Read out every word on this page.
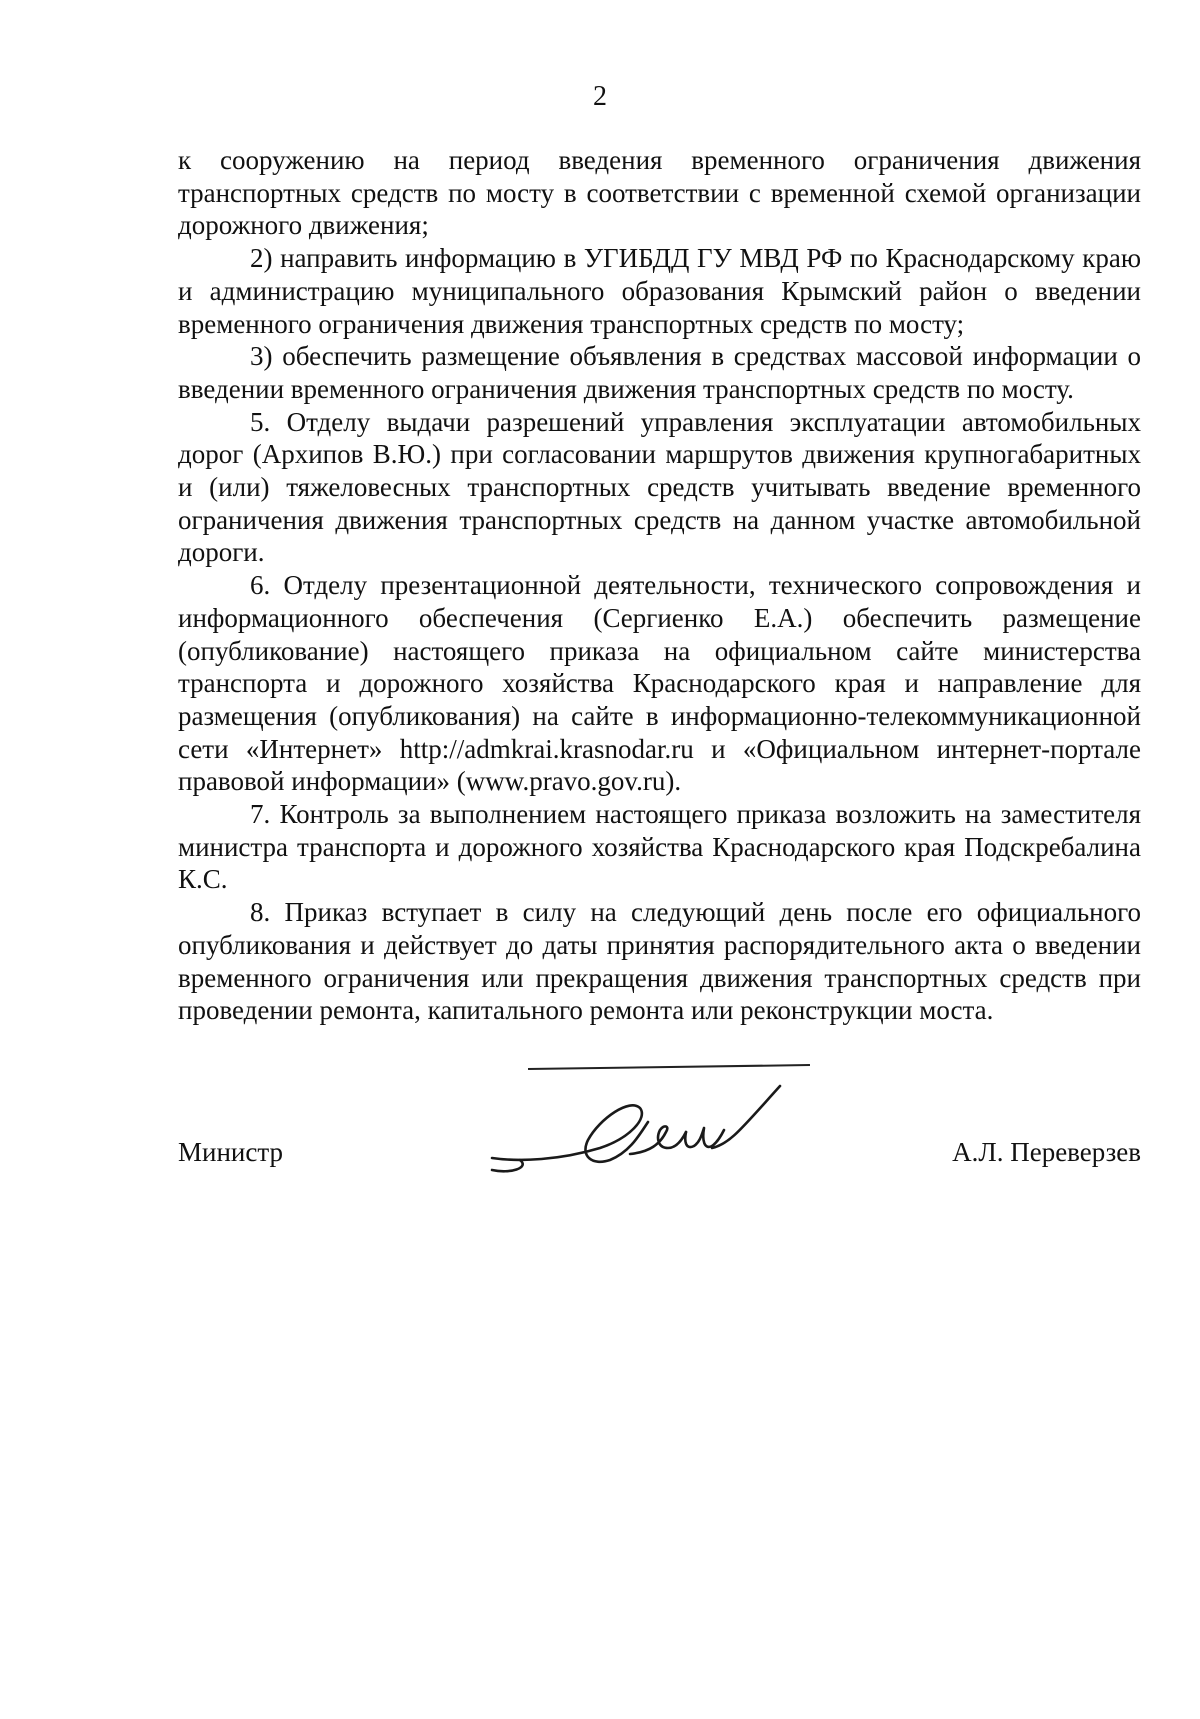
2

к сооружению на период введения временного ограничения движения транспортных средств по мосту в соответствии с временной схемой организации дорожного движения;

2) направить информацию в УГИБДД ГУ МВД РФ по Краснодарскому краю и администрацию муниципального образования Крымский район о введении временного ограничения движения транспортных средств по мосту;

3) обеспечить размещение объявления в средствах массовой информации о введении временного ограничения движения транспортных средств по мосту.

5. Отделу выдачи разрешений управления эксплуатации автомобильных дорог (Архипов В.Ю.) при согласовании маршрутов движения крупногабаритных и (или) тяжеловесных транспортных средств учитывать введение временного ограничения движения транспортных средств на данном участке автомобильной дороги.

6. Отделу презентационной деятельности, технического сопровождения и информационного обеспечения (Сергиенко Е.А.) обеспечить размещение (опубликование) настоящего приказа на официальном сайте министерства транспорта и дорожного хозяйства Краснодарского края и направление для размещения (опубликования) на сайте в информационно-телекоммуникационной сети «Интернет» http://admkrai.krasnodar.ru и «Официальном интернет-портале правовой информации» (www.pravo.gov.ru).

7. Контроль за выполнением настоящего приказа возложить на заместителя министра транспорта и дорожного хозяйства Краснодарского края Подскребалина К.С.

8. Приказ вступает в силу на следующий день после его официального опубликования и действует до даты принятия распорядительного акта о введении временного ограничения или прекращения движения транспортных средств при проведении ремонта, капитального ремонта или реконструкции моста.

Министр	А.Л. Переверзев
